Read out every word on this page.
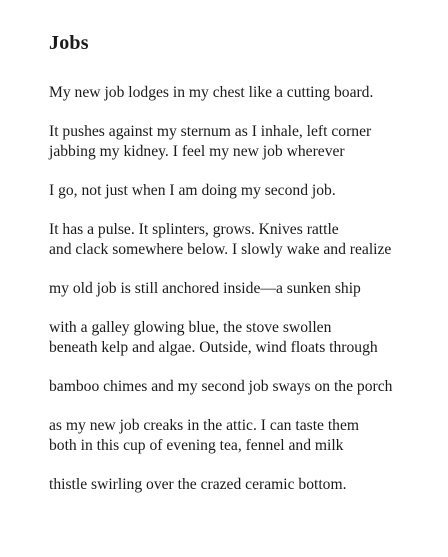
Jobs
My new job lodges in my chest like a cutting board.
It pushes against my sternum as I inhale, left corner
jabbing my kidney. I feel my new job wherever
I go, not just when I am doing my second job.
It has a pulse. It splinters, grows. Knives rattle
and clack somewhere below. I slowly wake and realize
my old job is still anchored inside—a sunken ship
with a galley glowing blue, the stove swollen
beneath kelp and algae. Outside, wind floats through
bamboo chimes and my second job sways on the porch
as my new job creaks in the attic. I can taste them
both in this cup of evening tea, fennel and milk
thistle swirling over the crazed ceramic bottom.
